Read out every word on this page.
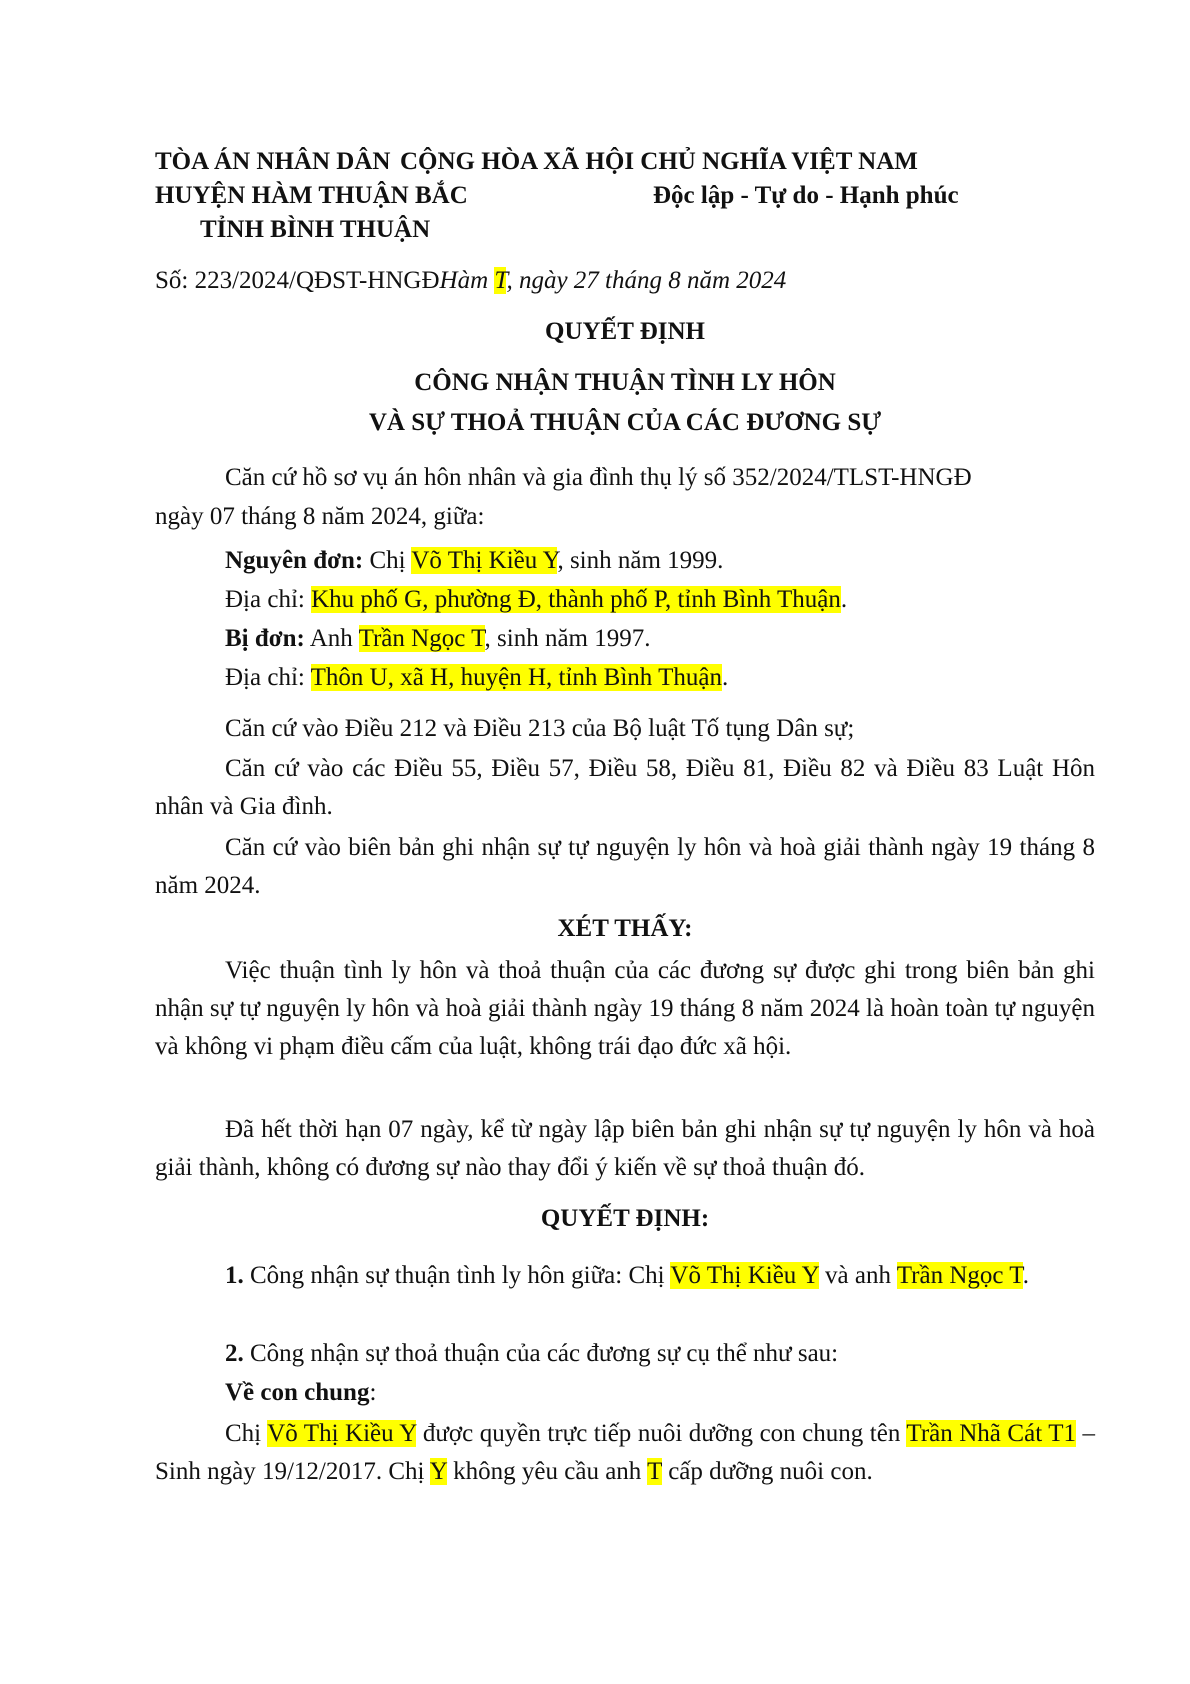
TÒA ÁN NHÂN DÂN
HUYỆN HÀM THUẬN BẮC
TỈNH BÌNH THUẬN
CỘNG HÒA XÃ HỘI CHỦ NGHĨA VIỆT NAM
Độc lập - Tự do - Hạnh phúc
Số: 223/2024/QĐST-HNGĐHàm T, ngày 27 tháng 8 năm 2024
QUYẾT ĐỊNH
CÔNG NHẬN THUẬN TÌNH LY HÔN
VÀ SỰ THOẢ THUẬN CỦA CÁC ĐƯƠNG SỰ
Căn cứ hồ sơ vụ án hôn nhân và gia đình thụ lý số 352/2024/TLST-HNGĐ
ngày 07 tháng 8 năm 2024, giữa:
Nguyên đơn: Chị Võ Thị Kiều Y, sinh năm 1999.
Địa chỉ: Khu phố G, phường Đ, thành phố P, tỉnh Bình Thuận.
Bị đơn: Anh Trần Ngọc T, sinh năm 1997.
Địa chỉ: Thôn U, xã H, huyện H, tỉnh Bình Thuận.

Căn cứ vào Điều 212 và Điều 213 của Bộ luật Tố tụng Dân sự;

Căn cứ vào các Điều 55, Điều 57, Điều 58, Điều 81, Điều 82 và Điều 83 Luật Hôn nhân và Gia đình.

Căn cứ vào biên bản ghi nhận sự tự nguyện ly hôn và hoà giải thành ngày 19 tháng 8 năm 2024.

XÉT THẤY:

Việc thuận tình ly hôn và thoả thuận của các đương sự được ghi trong biên bản ghi nhận sự tự nguyện ly hôn và hoà giải thành ngày 19 tháng 8 năm 2024 là hoàn toàn tự nguyện và không vi phạm điều cấm của luật, không trái đạo đức xã hội.

Đã hết thời hạn 07 ngày, kể từ ngày lập biên bản ghi nhận sự tự nguyện ly hôn và hoà giải thành, không có đương sự nào thay đổi ý kiến về sự thoả thuận đó.

QUYẾT ĐỊNH:

1. Công nhận sự thuận tình ly hôn giữa: Chị Võ Thị Kiều Y và anh Trần Ngọc T.

2. Công nhận sự thoả thuận của các đương sự cụ thể như sau:
Về con chung:

Chị Võ Thị Kiều Y được quyền trực tiếp nuôi dưỡng con chung tên Trần Nhã Cát T1 – Sinh ngày 19/12/2017. Chị Y không yêu cầu anh T cấp dưỡng nuôi con.
